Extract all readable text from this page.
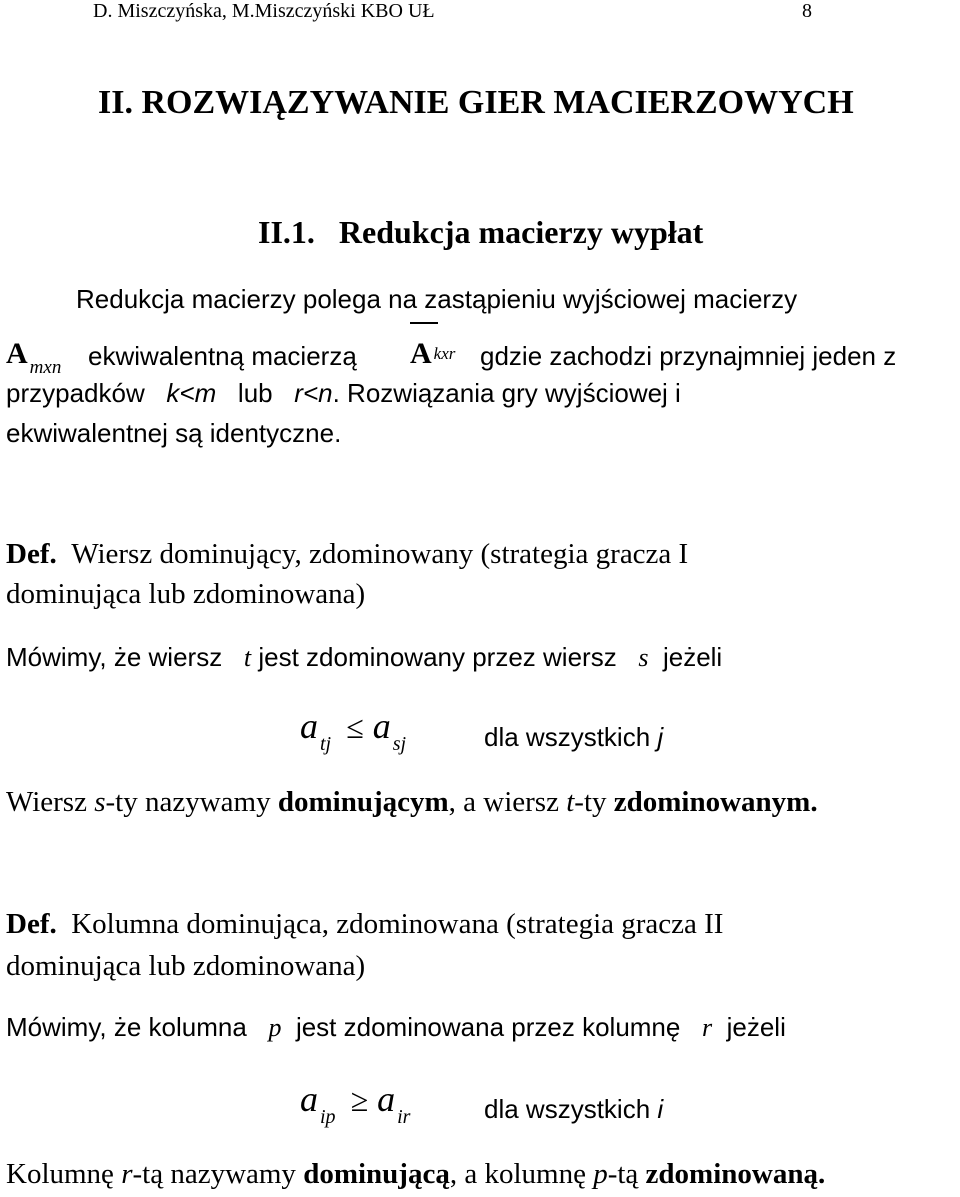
D. Miszczyńska, M.Miszczyński KBO UŁ	8
II. ROZWIĄZYWANIE GIER MACIERZOWYCH
II.1. Redukcja macierzy wypłat
Redukcja macierzy polega na zastąpieniu wyjściowej macierzy
A $_{mxn}$ ekwiwalentną macierzą Akxr gdzie zachodzi przynajmniej jeden z
przypadków k<m lub r<n. Rozwiązania gry wyjściowej i
ekwiwalentnej są identyczne.
Def. Wiersz dominujący, zdominowany (strategia gracza I
dominująca lub zdominowana)
Mówimy, że wiersz t jest zdominowany przez wiersz s jeżeli
a $_{tj}$ ≤ a $_{sj}$	dla wszystkich j
Wiersz s-ty nazywamy dominującym, a wiersz t-ty zdominowanym.
Def. Kolumna dominująca, zdominowana (strategia gracza II
dominująca lub zdominowana)
Mówimy, że kolumna p jest zdominowana przez kolumnę r jeżeli
a $_{ip}$ ≥ a $_{ir}$	dla wszystkich i
Kolumnę r-tą nazywamy dominującą, a kolumnę p-tą zdominowaną.
